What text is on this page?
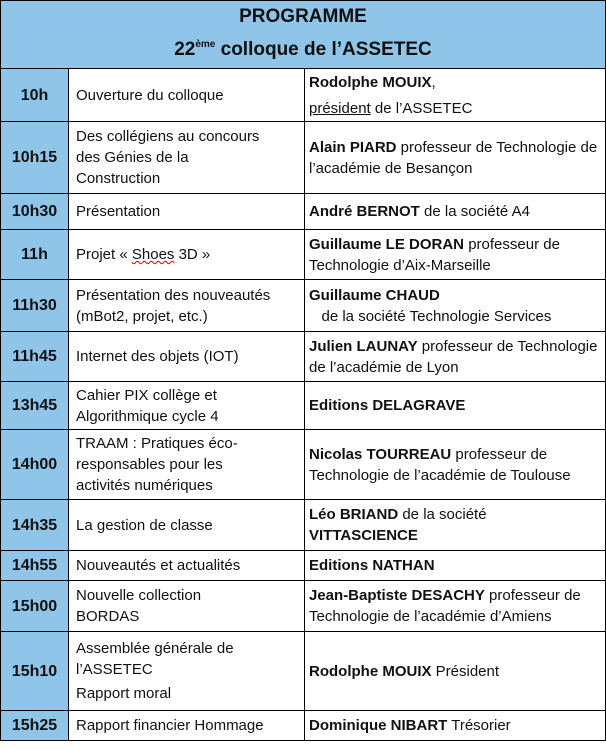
PROGRAMME
22ème colloque de l’ASSETEC
10h	Ouverture du colloque	Rodolphe MOUIX,
président de l’ASSETEC
10h15	Des collégiens au concours
des Génies de la
Construction	Alain PIARD professeur de Technologie de l’académie de Besançon
10h30	Présentation	André BERNOT de la société A4
11h	Projet « Shoes 3D »	Guillaume LE DORAN professeur de Technologie d’Aix-Marseille
11h30	Présentation des nouveautés
(mBot2, projet, etc.)	Guillaume CHAUD   de la société Technologie Services
11h45	Internet des objets (IOT)	Julien LAUNAY professeur de Technologie de l’académie de Lyon
13h45	Cahier PIX collège et
Algorithmique cycle 4	Editions DELAGRAVE
14h00	TRAAM : Pratiques éco-
responsables pour les
activités numériques	Nicolas TOURREAU professeur de Technologie de l’académie de Toulouse
14h35	La gestion de classe	Léo BRIAND de la société
VITTASCIENCE
14h55	Nouveautés et actualités	Editions NATHAN
15h00	Nouvelle collection
BORDAS	Jean-Baptiste DESACHY professeur de Technologie de l’académie d’Amiens
15h10	Assemblée générale de
l’ASSETEC
Rapport moral	Rodolphe MOUIX Président
15h25	Rapport financier Hommage	Dominique NIBART Trésorier
